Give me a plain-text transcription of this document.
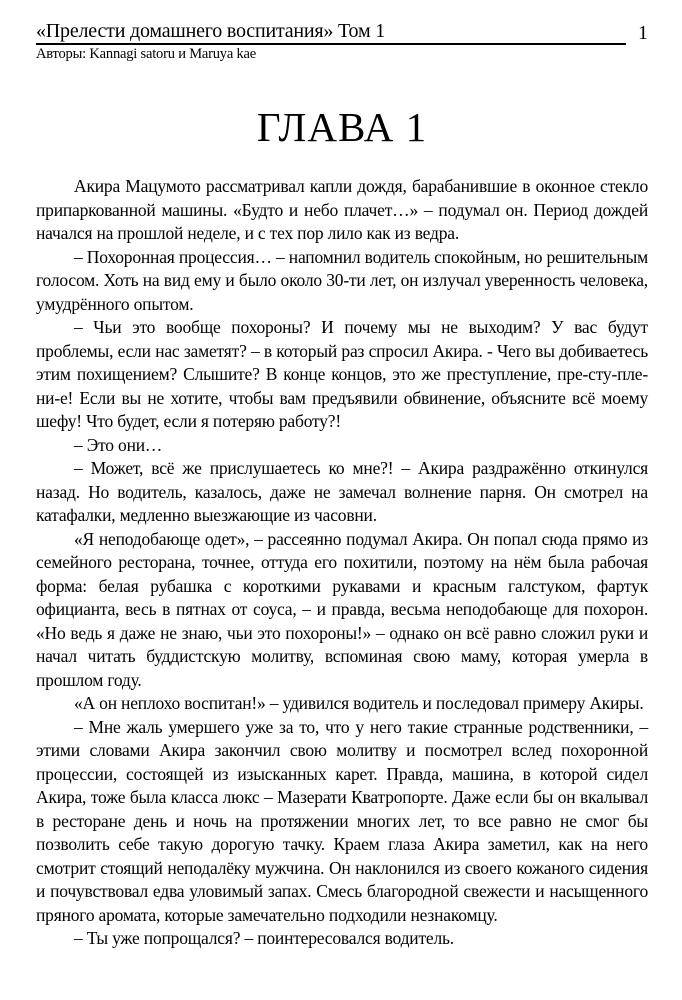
«Прелести домашнего воспитания» Том 1	1
Авторы: Kannagi satoru и Maruya kae
ГЛАВА 1

Акира Мацумото рассматривал капли дождя, барабанившие в оконное стекло припаркованной машины. «Будто и небо плачет…» – подумал он. Период дождей начался на прошлой неделе, и с тех пор лило как из ведра.

– Похоронная процессия… – напомнил водитель спокойным, но решительным голосом. Хоть на вид ему и было около 30-ти лет, он излучал уверенность человека, умудрённого опытом.

– Чьи это вообще похороны? И почему мы не выходим? У вас будут проблемы, если нас заметят? – в который раз спросил Акира. - Чего вы добиваетесь этим похищением? Слышите? В конце концов, это же преступление, пре-сту-пле-ни-е! Если вы не хотите, чтобы вам предъявили обвинение, объясните всё моему шефу! Что будет, если я потеряю работу?!

– Это они…

– Может, всё же прислушаетесь ко мне?! – Акира раздражённо откинулся назад. Но водитель, казалось, даже не замечал волнение парня. Он смотрел на катафалки, медленно выезжающие из часовни.

«Я неподобающе одет», – рассеянно подумал Акира. Он попал сюда прямо из семейного ресторана, точнее, оттуда его похитили, поэтому на нём была рабочая форма: белая рубашка с короткими рукавами и красным галстуком, фартук официанта, весь в пятнах от соуса, – и правда, весьма неподобающе для похорон. «Но ведь я даже не знаю, чьи это похороны!» – однако он всё равно сложил руки и начал читать буддистскую молитву, вспоминая свою маму, которая умерла в прошлом году.

«А он неплохо воспитан!» – удивился водитель и последовал примеру Акиры.

– Мне жаль умершего уже за то, что у него такие странные родственники, – этими словами Акира закончил свою молитву и посмотрел вслед похоронной процессии, состоящей из изысканных карет. Правда, машина, в которой сидел Акира, тоже была класса люкс – Мазерати Кватропорте. Даже если бы он вкалывал в ресторане день и ночь на протяжении многих лет, то все равно не смог бы позволить себе такую дорогую тачку. Краем глаза Акира заметил, как на него смотрит стоящий неподалёку мужчина. Он наклонился из своего кожаного сидения и почувствовал едва уловимый запах. Смесь благородной свежести и насыщенного пряного аромата, которые замечательно подходили незнакомцу.

– Ты уже попрощался? – поинтересовался водитель.
